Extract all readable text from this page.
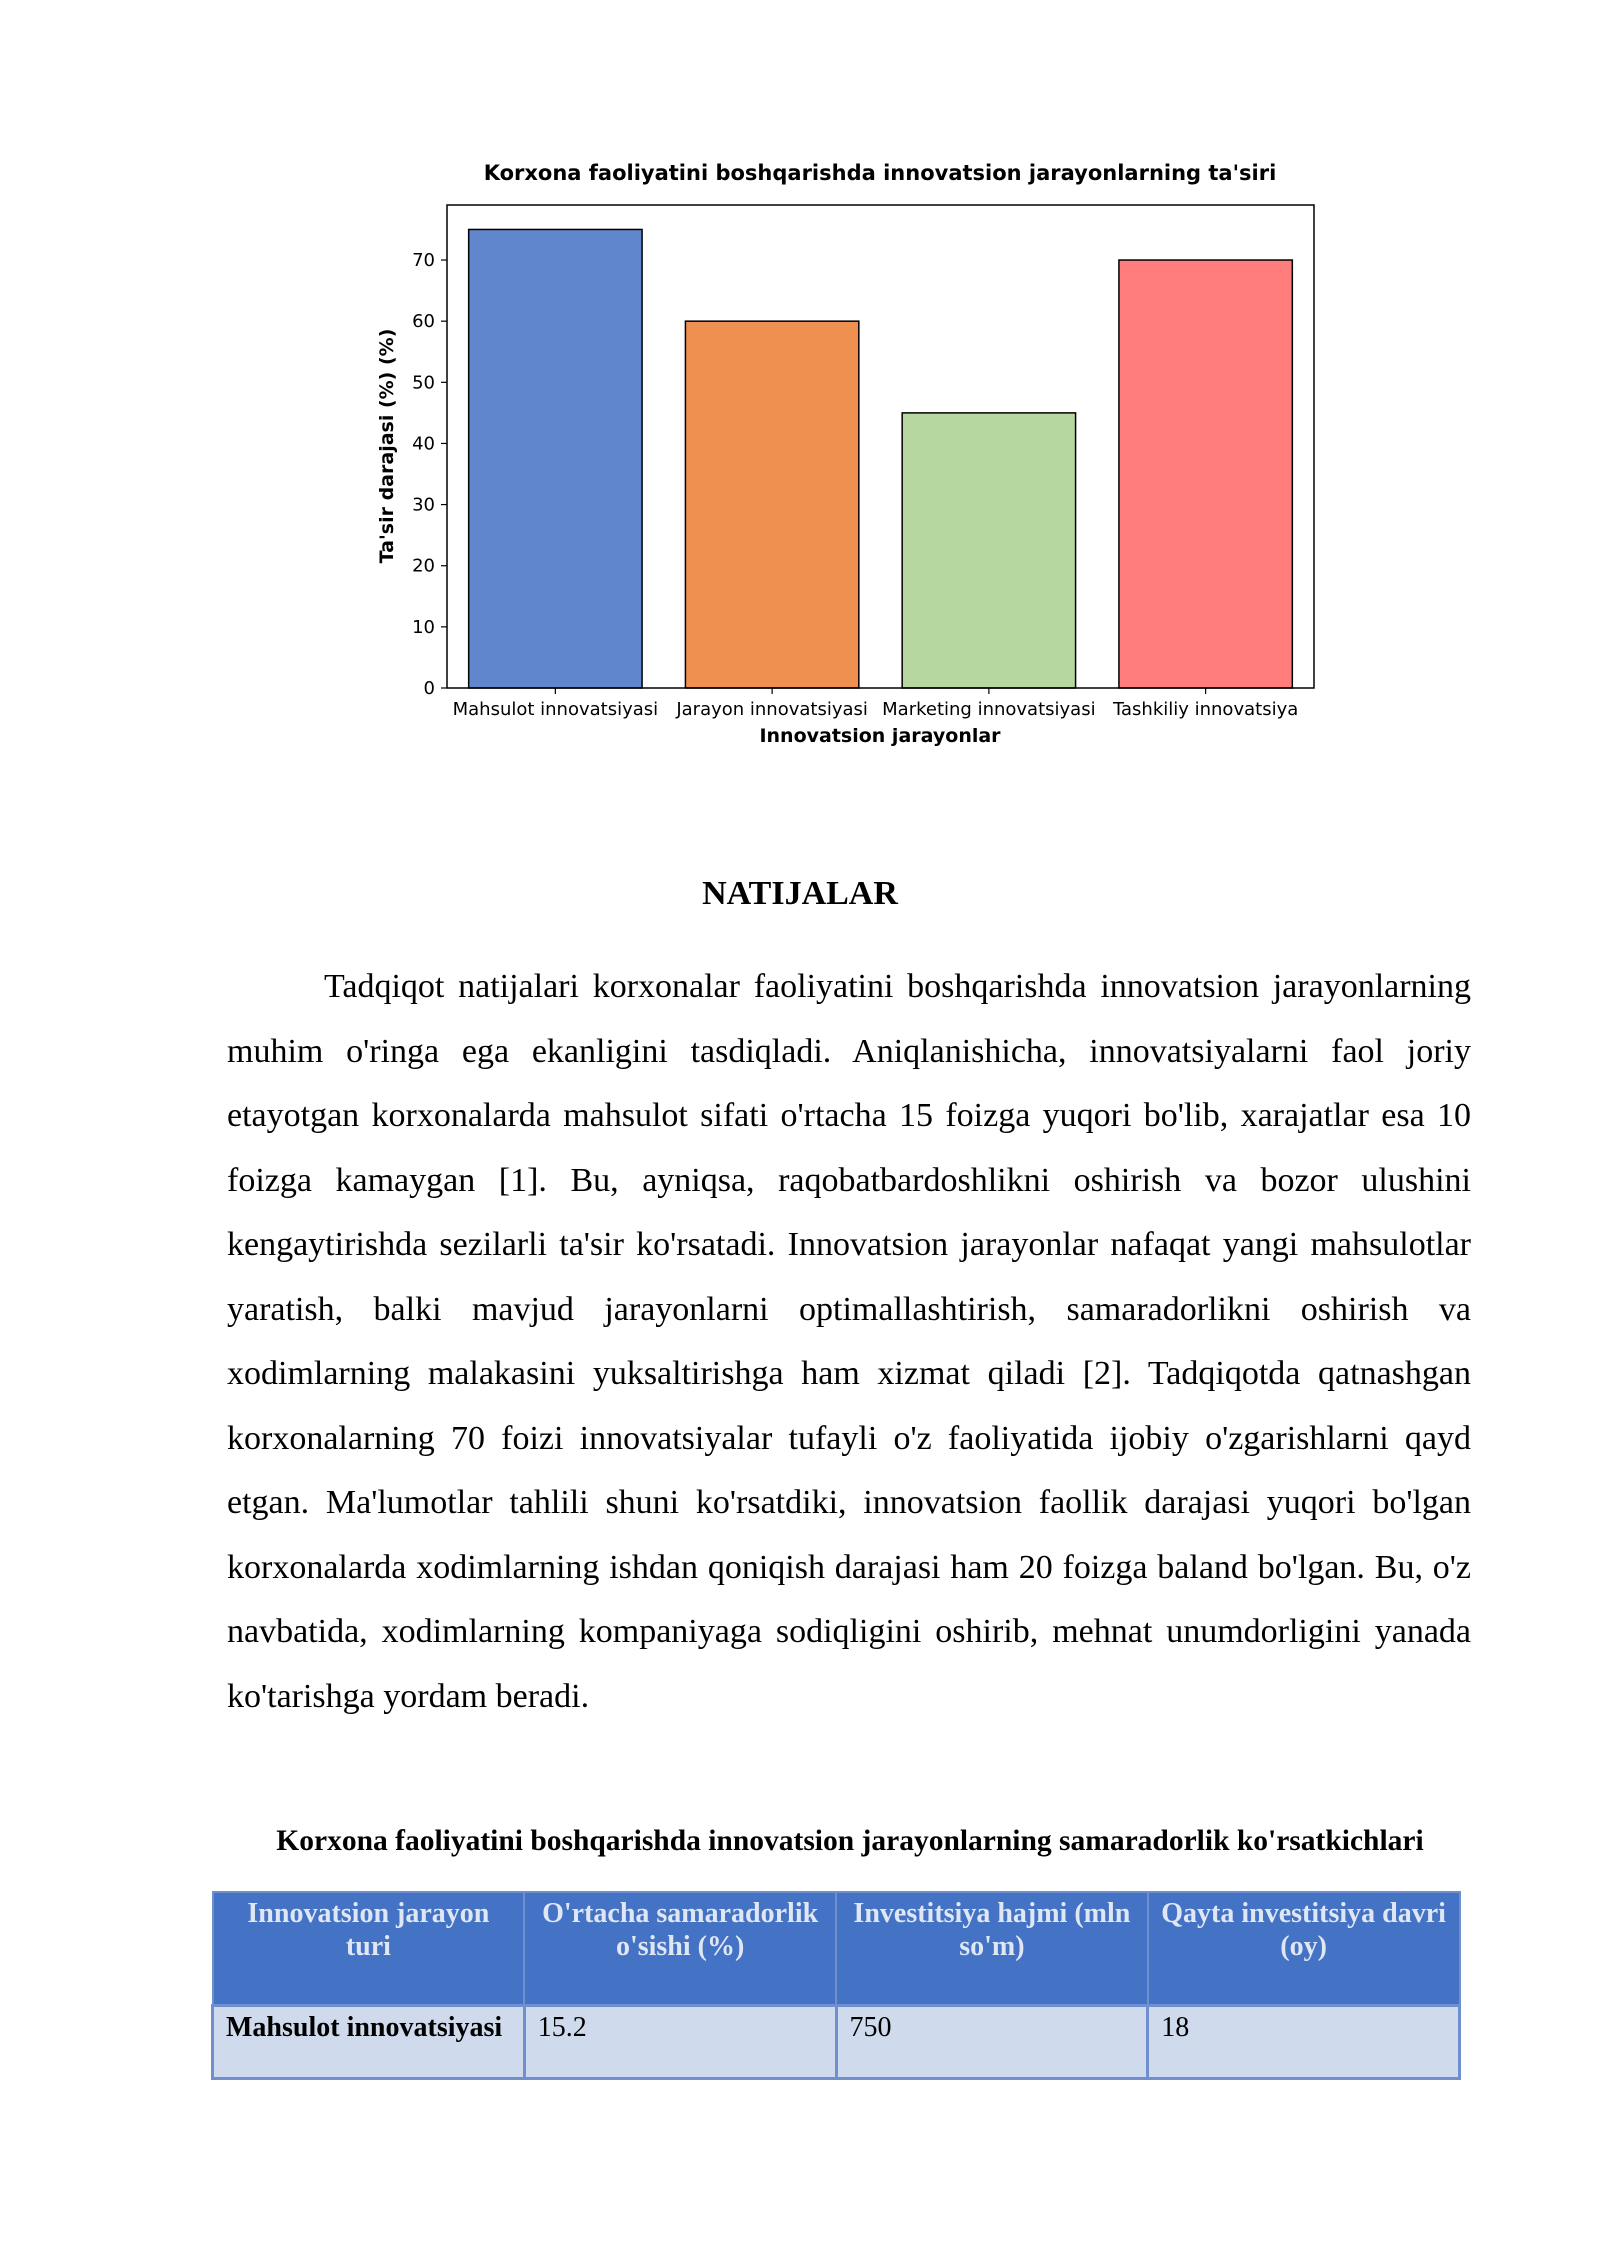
Korxona faoliyatini boshqarishda innovatsion jarayonlarning ta'siri
0
10
20
30
40
50
60
70
Mahsulot innovatsiyasi Jarayon innovatsiyasi Marketing innovatsiyasi Tashkiliy innovatsiya
Innovatsion jarayonlar
Ta'sir darajasi (%) (%)
NATIJALAR

Tadqiqot natijalari korxonalar faoliyatini boshqarishda innovatsion jarayonlarning muhim o'ringa ega ekanligini tasdiqladi. Aniqlanishicha, innovatsiyalarni faol joriy etayotgan korxonalarda mahsulot sifati o'rtacha 15 foizga yuqori bo'lib, xarajatlar esa 10 foizga kamaygan [1]. Bu, ayniqsa, raqobatbardoshlikni oshirish va bozor ulushini kengaytirishda sezilarli ta'sir ko'rsatadi. Innovatsion jarayonlar nafaqat yangi mahsulotlar yaratish, balki mavjud jarayonlarni optimallashtirish, samaradorlikni oshirish va xodimlarning malakasini yuksaltirishga ham xizmat qiladi [2]. Tadqiqotda qatnashgan korxonalarning 70 foizi innovatsiyalar tufayli o'z faoliyatida ijobiy o'zgarishlarni qayd etgan. Ma'lumotlar tahlili shuni ko'rsatdiki, innovatsion faollik darajasi yuqori bo'lgan korxonalarda xodimlarning ishdan qoniqish darajasi ham 20 foizga baland bo'lgan. Bu, o'z navbatida, xodimlarning kompaniyaga sodiqligini oshirib, mehnat unumdorligini yanada ko'tarishga yordam beradi.

Korxona faoliyatini boshqarishda innovatsion jarayonlarning samaradorlik ko'rsatkichlari
Innovatsion jarayon turi	O'rtacha samaradorlik o'sishi (%)	Investitsiya hajmi (mln so'm)	Qayta investitsiya davri (oy)
Mahsulot innovatsiyasi	15.2	750	18
